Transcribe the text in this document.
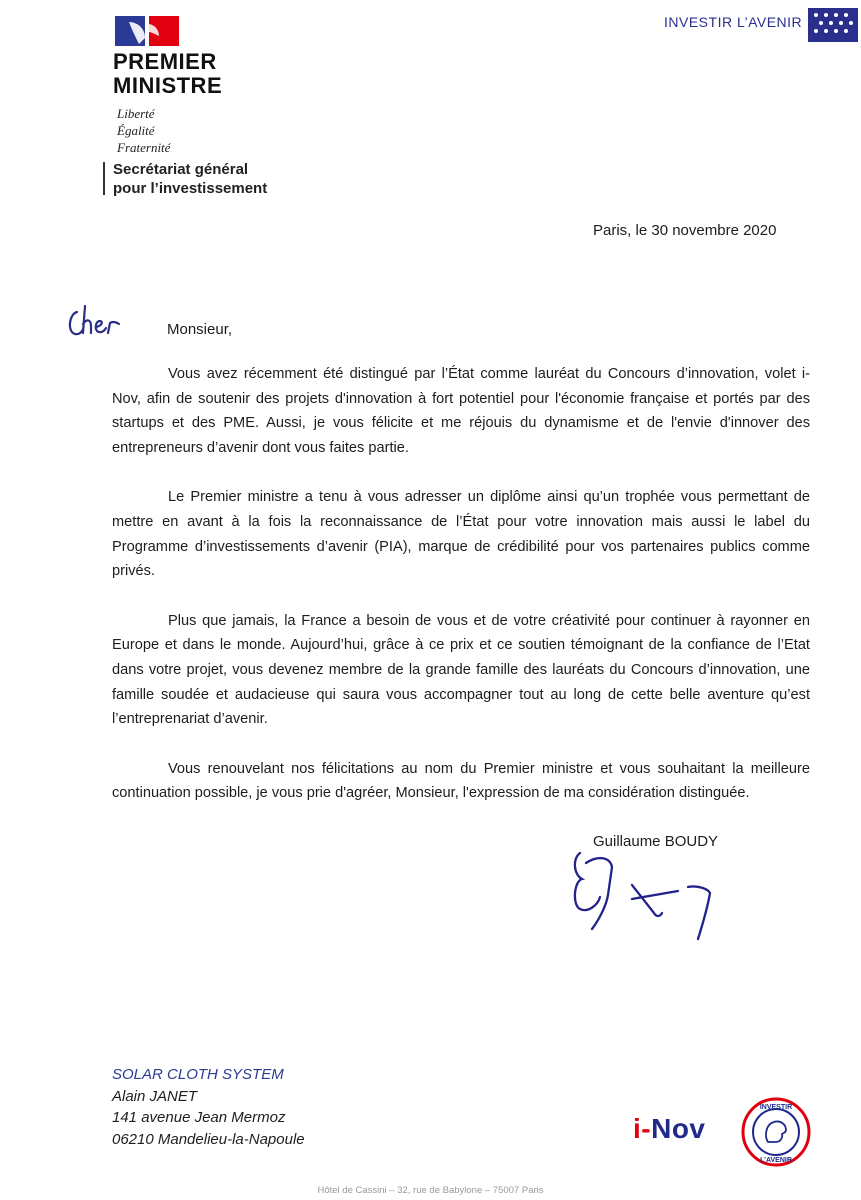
PREMIER
MINISTRE
Liberté
Égalité
Fraternité
Secrétariat général
pour l’investissement
INVESTIR L’AVENIR
Paris, le 30 novembre 2020
Monsieur,

Vous avez récemment été distingué par l’État comme lauréat du Concours d’innovation, volet i-Nov, afin de soutenir des projets d'innovation à fort potentiel pour l'économie française et portés par des startups et des PME. Aussi, je vous félicite et me réjouis du dynamisme et de l'envie d'innover des entrepreneurs d’avenir dont vous faites partie.

Le Premier ministre a tenu à vous adresser un diplôme ainsi qu’un trophée vous permettant de mettre en avant à la fois la reconnaissance de l’État pour votre innovation mais aussi le label du Programme d’investissements d’avenir (PIA), marque de crédibilité pour vos partenaires publics comme privés.

Plus que jamais, la France a besoin de vous et de votre créativité pour continuer à rayonner en Europe et dans le monde. Aujourd’hui, grâce à ce prix et ce soutien témoignant de la confiance de l’Etat dans votre projet, vous devenez membre de la grande famille des lauréats du Concours d’innovation, une famille soudée et audacieuse qui saura vous accompagner tout au long de cette belle aventure qu’est l’entreprenariat d’avenir.

Vous renouvelant nos félicitations au nom du Premier ministre et vous souhaitant la meilleure continuation possible, je vous prie d'agréer, Monsieur, l'expression de ma considération distinguée.

Guillaume BOUDY
SOLAR CLOTH SYSTEM
Alain JANET
141 avenue Jean Mermoz
06210 Mandelieu-la-Napoule	i-Nov
INVESTIR
L’AVENIR
Hôtel de Cassini – 32, rue de Babylone – 75007 Paris
